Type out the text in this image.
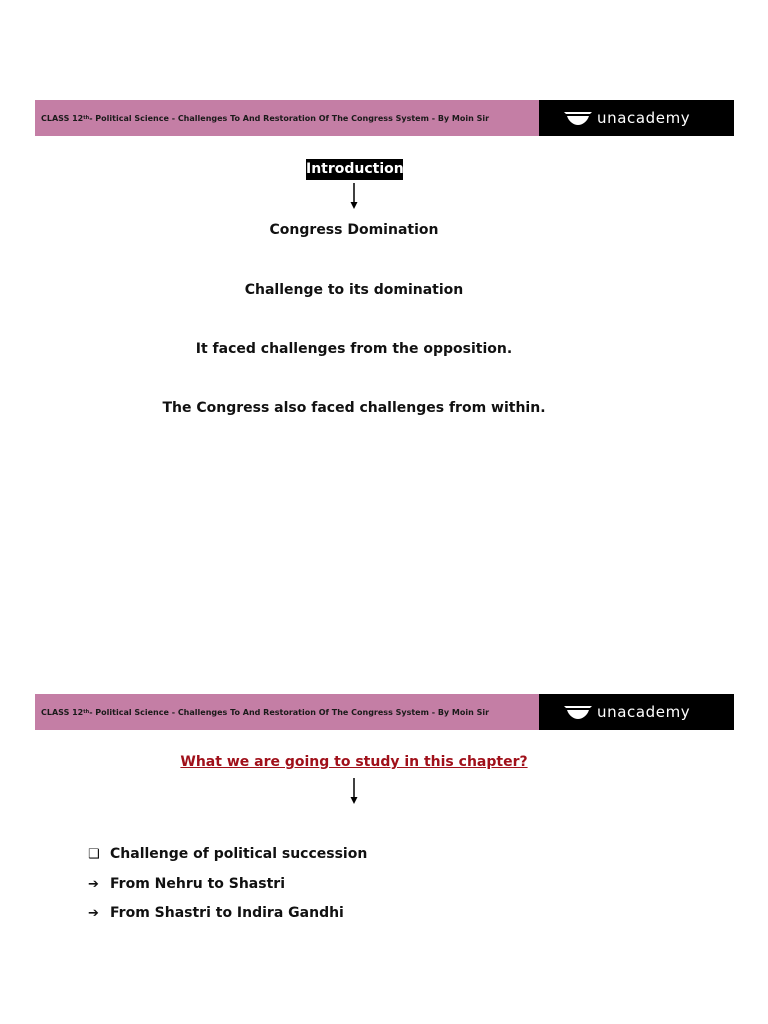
CLASS 12 th - Political Science - Challenges To And Restoration Of The Congress System - By Moin Sir	unacademy
Introduction:
Congress Domination
Challenge to its domination
It faced challenges from the opposition.
The Congress also faced challenges from within.
CLASS 12 th - Political Science - Challenges To And Restoration Of The Congress System - By Moin Sir	unacademy
What we are going to study in this chapter?
❑ Challenge of political succession
➔ From Nehru to Shastri
➔ From Shastri to Indira Gandhi
